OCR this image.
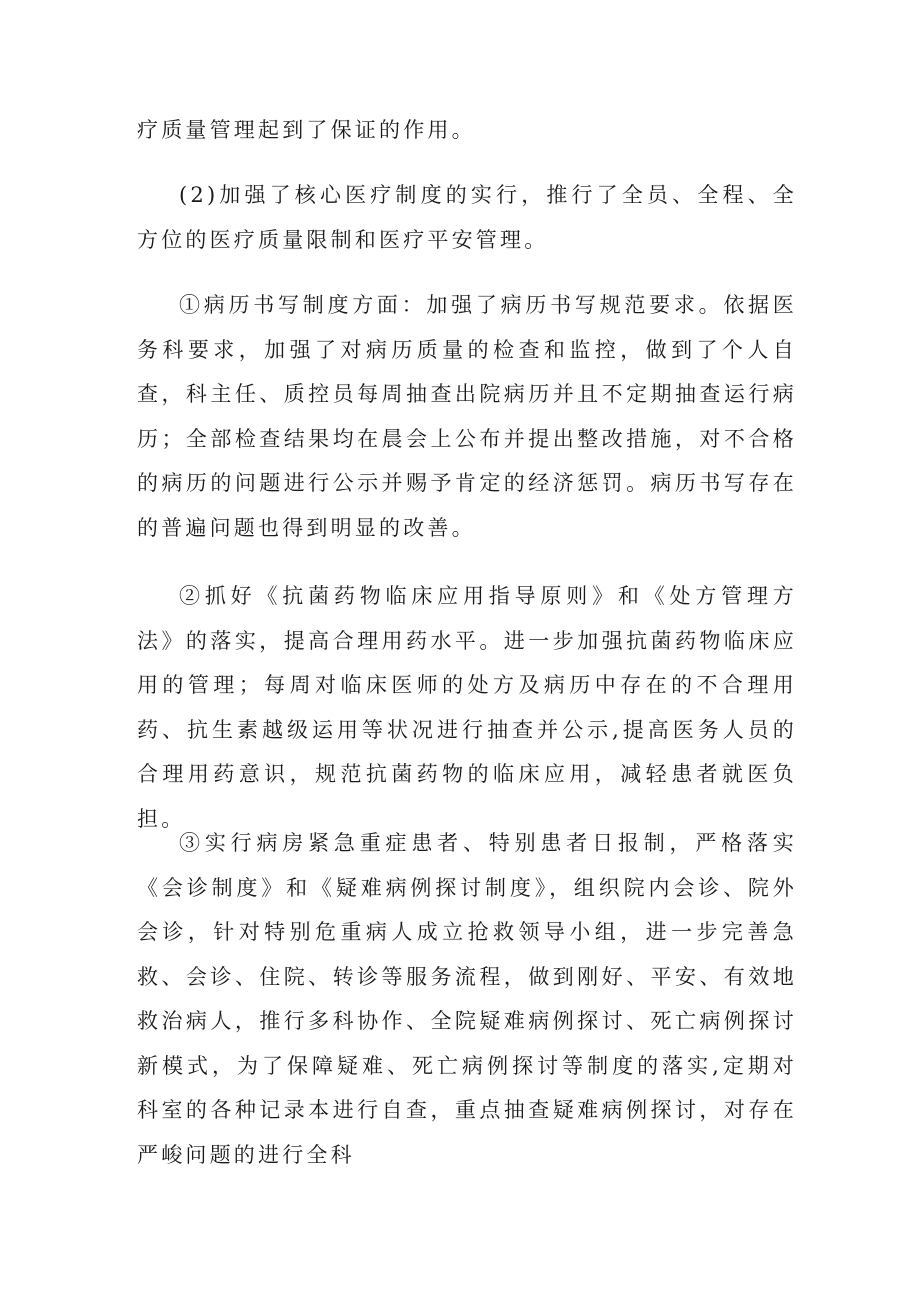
疗质量管理起到了保证的作用。
(2)加强了核心医疗制度的实行，推行了全员、全程、全方位的医疗质量限制和医疗平安管理。
①病历书写制度方面：加强了病历书写规范要求。依据医务科要求，加强了对病历质量的检查和监控，做到了个人自查，科主任、质控员每周抽查出院病历并且不定期抽查运行病历；全部检查结果均在晨会上公布并提出整改措施，对不合格的病历的问题进行公示并赐予肯定的经济惩罚。病历书写存在的普遍问题也得到明显的改善。
②抓好《抗菌药物临床应用指导原则》和《处方管理方法》的落实，提高合理用药水平。进一步加强抗菌药物临床应用的管理；每周对临床医师的处方及病历中存在的不合理用药、抗生素越级运用等状况进行抽查并公示,提高医务人员的合理用药意识，规范抗菌药物的临床应用，减轻患者就医负担。
③实行病房紧急重症患者、特别患者日报制，严格落实《会诊制度》和《疑难病例探讨制度》，组织院内会诊、院外会诊，针对特别危重病人成立抢救领导小组，进一步完善急救、会诊、住院、转诊等服务流程，做到刚好、平安、有效地救治病人，推行多科协作、全院疑难病例探讨、死亡病例探讨新模式，为了保障疑难、死亡病例探讨等制度的落实,定期对科室的各种记录本进行自查，重点抽查疑难病例探讨，对存在严峻问题的进行全科
